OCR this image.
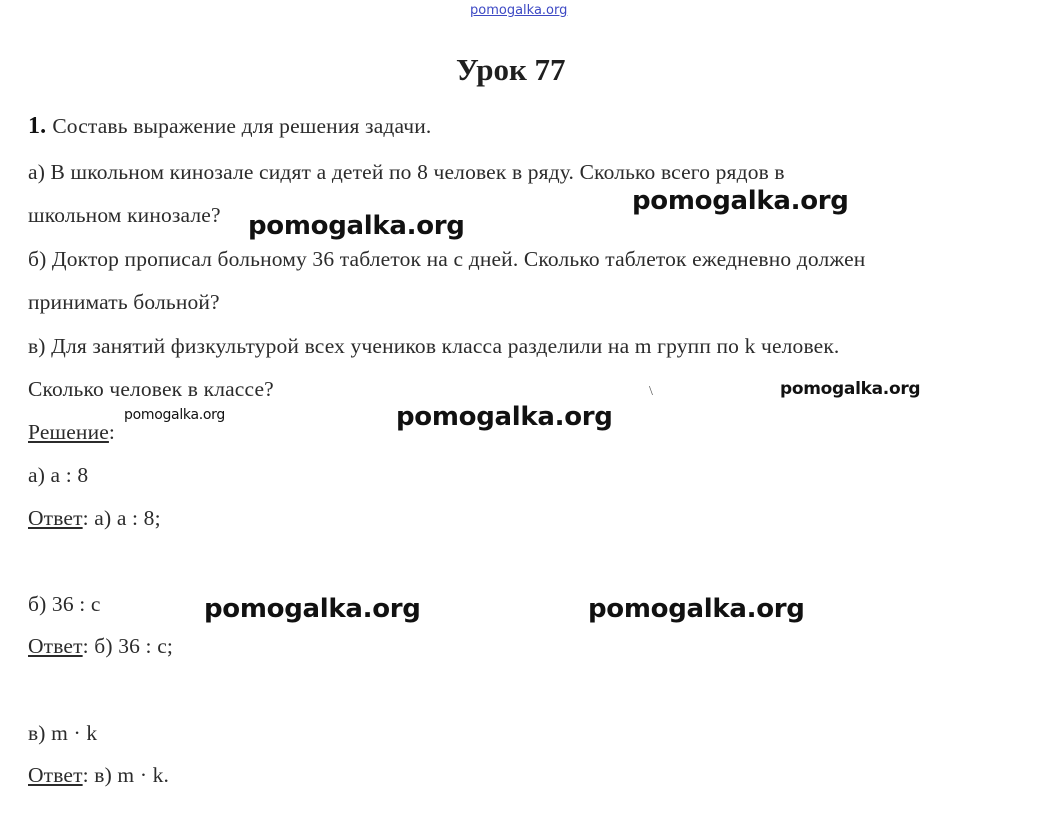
pomogalka.org
Урок 77
1. Составь выражение для решения задачи.
а) В школьном кинозале сидят а детей по 8 человек в ряду. Сколько всего рядов в
школьном кинозале?
б) Доктор прописал больному 36 таблеток на с дней. Сколько таблеток ежедневно должен
принимать больной?
в) Для занятий физкультурой всех учеников класса разделили на m групп по k человек.
Сколько человек в классе?
Решение:
а) а : 8
Ответ: а) а : 8;
б) 36 : с
Ответ: б) 36 : с;
в) m · k
Ответ: в) m · k.
\
pomogalka.org
pomogalka.org
pomogalka.org
pomogalka.org	pomogalka.org
pomogalka.org	pomogalka.org
